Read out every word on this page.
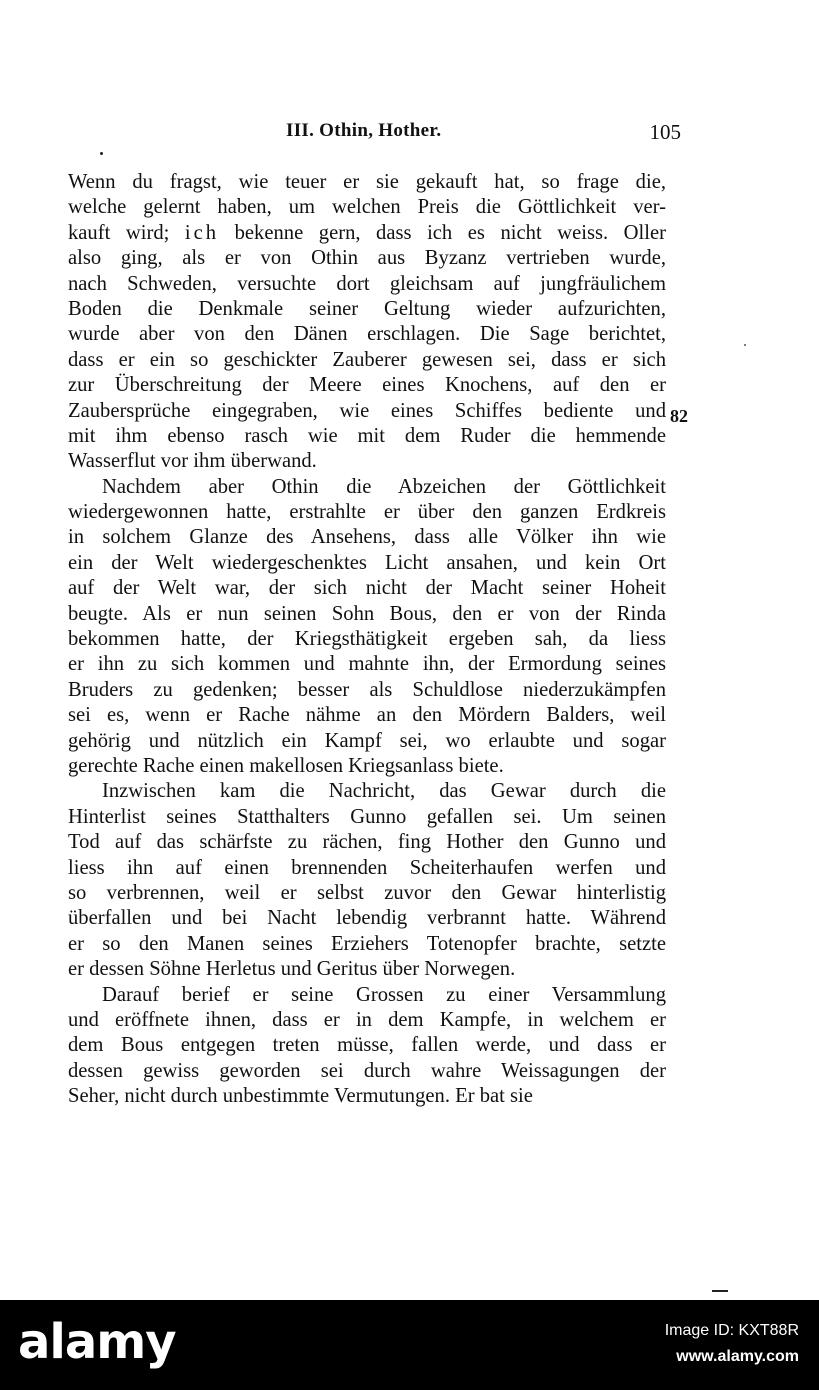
III. Othin, Hother.	105
Wenn du fragst, wie teuer er sie gekauft hat, so frage die,
welche gelernt haben, um welchen Preis die Göttlichkeit ver-
kauft wird; ich bekenne gern, dass ich es nicht weiss. Oller
also ging, als er von Othin aus Byzanz vertrieben wurde,
nach Schweden, versuchte dort gleichsam auf jungfräulichem
Boden die Denkmale seiner Geltung wieder aufzurichten,
wurde aber von den Dänen erschlagen. Die Sage berichtet,
dass er ein so geschickter Zauberer gewesen sei, dass er sich
zur Überschreitung der Meere eines Knochens, auf den er
Zaubersprüche eingegraben, wie eines Schiffes bediente und
mit ihm ebenso rasch wie mit dem Ruder die hemmende
Wasserflut vor ihm überwand.
Nachdem aber Othin die Abzeichen der Göttlichkeit
wiedergewonnen hatte, erstrahlte er über den ganzen Erdkreis
in solchem Glanze des Ansehens, dass alle Völker ihn wie
ein der Welt wiedergeschenktes Licht ansahen, und kein Ort
auf der Welt war, der sich nicht der Macht seiner Hoheit
beugte. Als er nun seinen Sohn Bous, den er von der Rinda
bekommen hatte, der Kriegsthätigkeit ergeben sah, da liess
er ihn zu sich kommen und mahnte ihn, der Ermordung seines
Bruders zu gedenken; besser als Schuldlose niederzukämpfen
sei es, wenn er Rache nähme an den Mördern Balders, weil
gehörig und nützlich ein Kampf sei, wo erlaubte und sogar
gerechte Rache einen makellosen Kriegsanlass biete.
Inzwischen kam die Nachricht, das Gewar durch die
Hinterlist seines Statthalters Gunno gefallen sei. Um seinen
Tod auf das schärfste zu rächen, fing Hother den Gunno und
liess ihn auf einen brennenden Scheiterhaufen werfen und
so verbrennen, weil er selbst zuvor den Gewar hinterlistig
überfallen und bei Nacht lebendig verbrannt hatte. Während
er so den Manen seines Erziehers Totenopfer brachte, setzte
er dessen Söhne Herletus und Geritus über Norwegen.
Darauf berief er seine Grossen zu einer Versammlung
und eröffnete ihnen, dass er in dem Kampfe, in welchem er
dem Bous entgegen treten müsse, fallen werde, und dass er
dessen gewiss geworden sei durch wahre Weissagungen der
Seher, nicht durch unbestimmte Vermutungen. Er bat sie
82
alamy	Image ID: KXT88R
www.alamy.com
